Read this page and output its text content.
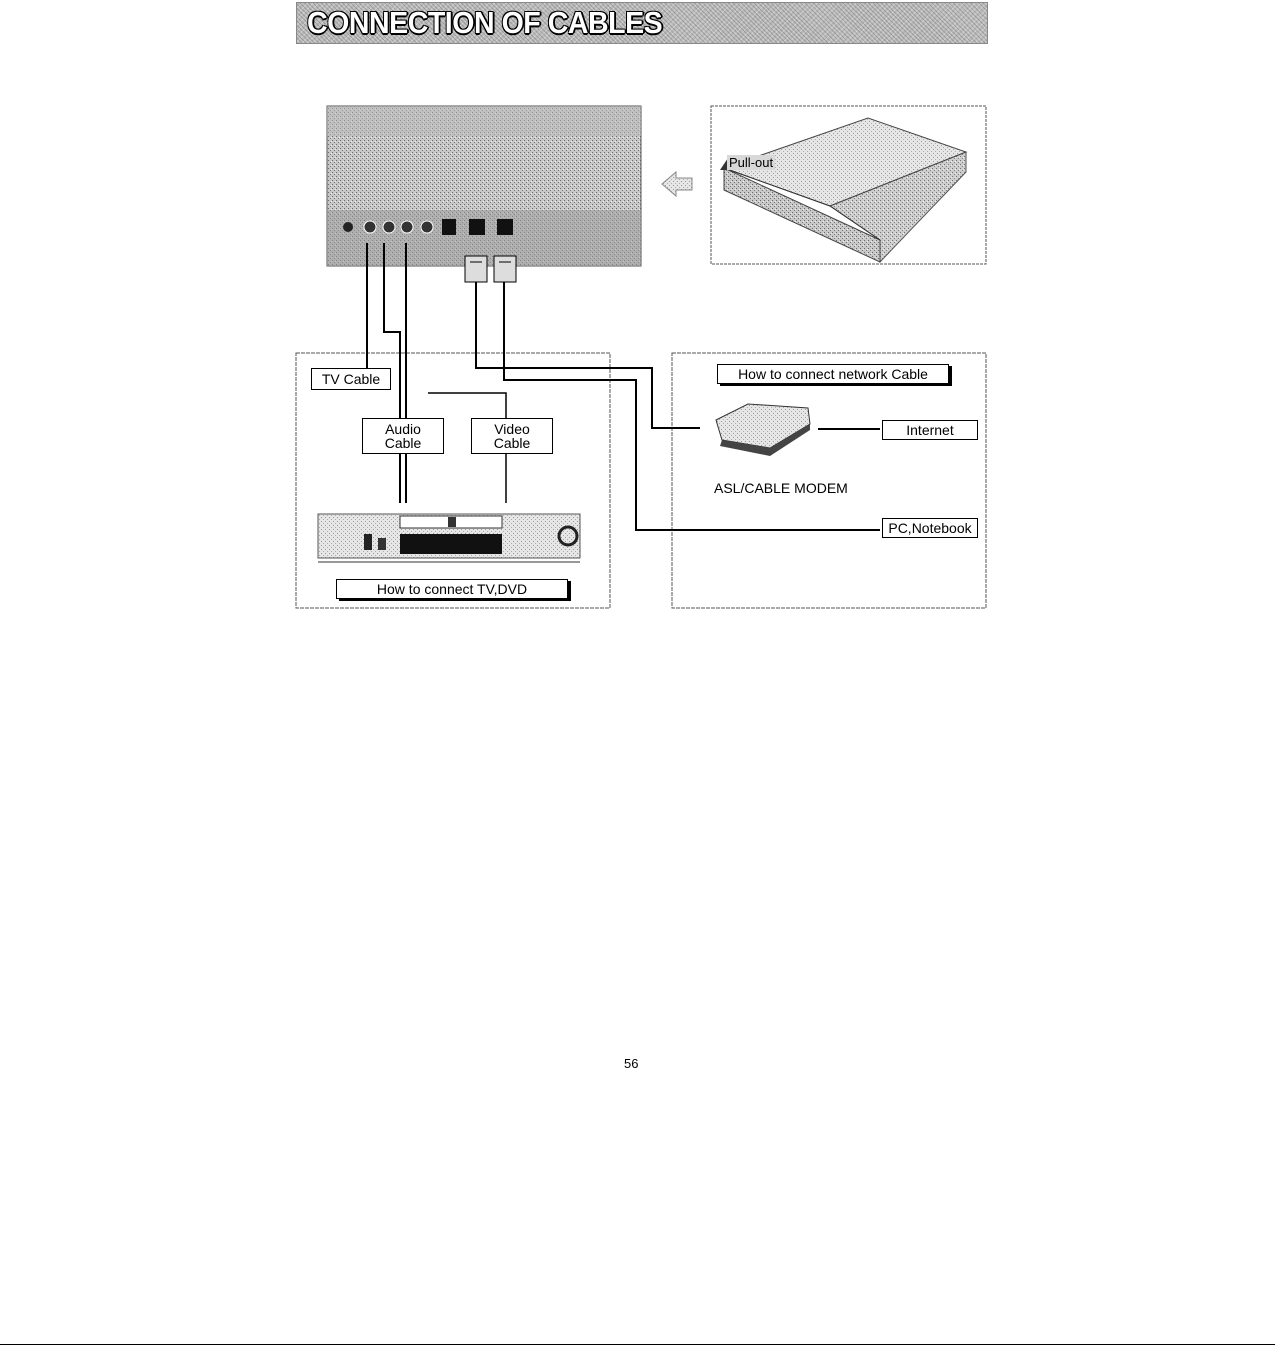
CONNECTION OF CABLES
Pull-out
TV Cable
Audio Cable
Video Cable
How to connect TV,DVD
How to connect network Cable
Internet
ASL/CABLE MODEM
PC,Notebook
56
